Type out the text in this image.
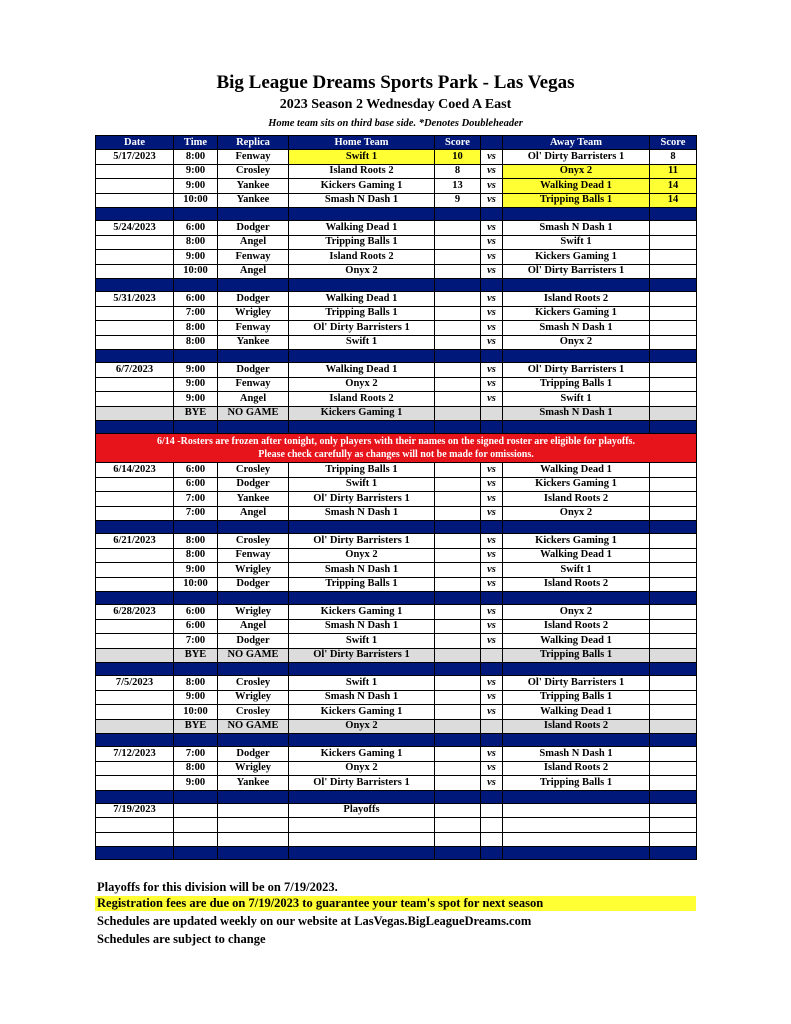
Big League Dreams Sports Park - Las Vegas
2023 Season 2 Wednesday Coed A East
Home team sits on third base side. *Denotes Doubleheader
Date	Time	Replica	Home Team	Score		Away Team	Score
5/17/2023	8:00	Fenway	Swift 1	10	vs	Ol' Dirty Barristers 1	8
	9:00	Crosley	Island Roots 2	8	vs	Onyx 2	11
	9:00	Yankee	Kickers Gaming 1	13	vs	Walking Dead 1	14
	10:00	Yankee	Smash N Dash 1	9	vs	Tripping Balls 1	14

5/24/2023	6:00	Dodger	Walking Dead 1		vs	Smash N Dash 1	
	8:00	Angel	Tripping Balls 1		vs	Swift 1	
	9:00	Fenway	Island Roots 2		vs	Kickers Gaming 1	
	10:00	Angel	Onyx 2		vs	Ol' Dirty Barristers 1	

5/31/2023	6:00	Dodger	Walking Dead 1		vs	Island Roots 2	
	7:00	Wrigley	Tripping Balls 1		vs	Kickers Gaming 1	
	8:00	Fenway	Ol' Dirty Barristers 1		vs	Smash N Dash 1	
	8:00	Yankee	Swift 1		vs	Onyx 2	

6/7/2023	9:00	Dodger	Walking Dead 1		vs	Ol' Dirty Barristers 1	
	9:00	Fenway	Onyx 2		vs	Tripping Balls 1	
	9:00	Angel	Island Roots 2		vs	Swift 1	
	BYE	NO GAME	Kickers Gaming 1			Smash N Dash 1	

6/14 -Rosters are frozen after tonight, only players with their names on the signed roster are eligible for playoffs.
Please check carefully as changes will not be made for omissions.							

6/14/2023	6:00	Crosley	Tripping Balls 1		vs	Walking Dead 1	
	6:00	Dodger	Swift 1		vs	Kickers Gaming 1	
	7:00	Yankee	Ol' Dirty Barristers 1		vs	Island Roots 2	
	7:00	Angel	Smash N Dash 1		vs	Onyx 2	

6/21/2023	8:00	Crosley	Ol' Dirty Barristers 1		vs	Kickers Gaming 1	
	8:00	Fenway	Onyx 2		vs	Walking Dead 1	
	9:00	Wrigley	Smash N Dash 1		vs	Swift 1	
	10:00	Dodger	Tripping Balls 1		vs	Island Roots 2	

6/28/2023	6:00	Wrigley	Kickers Gaming 1		vs	Onyx 2	
	6:00	Angel	Smash N Dash 1		vs	Island Roots 2	
	7:00	Dodger	Swift 1		vs	Walking Dead 1	
	BYE	NO GAME	Ol' Dirty Barristers 1			Tripping Balls 1	

7/5/2023	8:00	Crosley	Swift 1		vs	Ol' Dirty Barristers 1	
	9:00	Wrigley	Smash N Dash 1		vs	Tripping Balls 1	
	10:00	Crosley	Kickers Gaming 1		vs	Walking Dead 1	
	BYE	NO GAME	Onyx 2			Island Roots 2	

7/12/2023	7:00	Dodger	Kickers Gaming 1		vs	Smash N Dash 1	
	8:00	Wrigley	Onyx 2		vs	Island Roots 2	
	9:00	Yankee	Ol' Dirty Barristers 1		vs	Tripping Balls 1	

7/19/2023			Playoffs				

Playoffs for this division will be on 7/19/2023.
Registration fees are due on 7/19/2023 to guarantee your team's spot for next season
Schedules are updated weekly on our website at LasVegas.BigLeagueDreams.com
Schedules are subject to change
